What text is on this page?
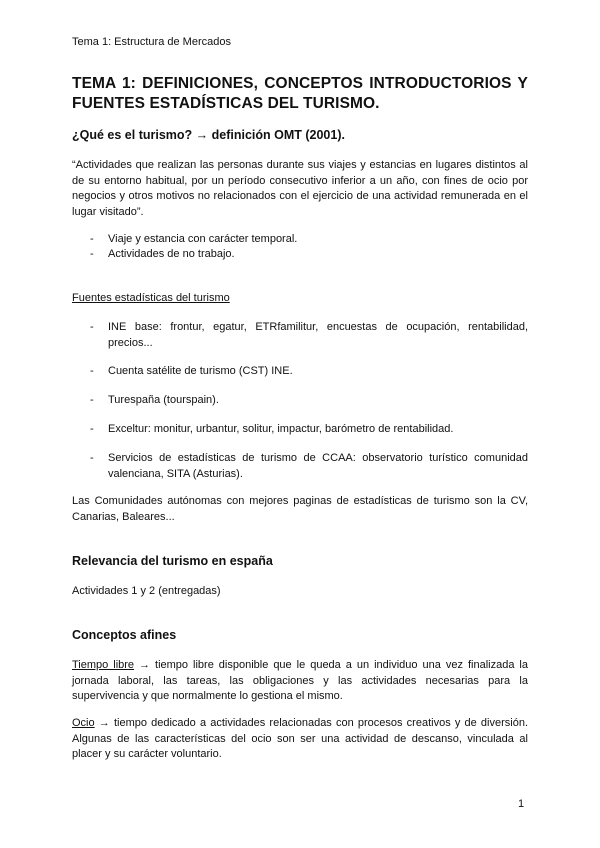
Tema 1: Estructura de Mercados
TEMA 1: DEFINICIONES, CONCEPTOS INTRODUCTORIOS Y FUENTES ESTADÍSTICAS DEL TURISMO.
¿Qué es el turismo? → definición OMT (2001).
“Actividades que realizan las personas durante sus viajes y estancias en lugares distintos al de su entorno habitual, por un período consecutivo inferior a un año, con fines de ocio por negocios y otros motivos no relacionados con el ejercicio de una actividad remunerada en el lugar visitado”.
- Viaje y estancia con carácter temporal.
- Actividades de no trabajo.
Fuentes estadísticas del turismo
- INE base: frontur, egatur, ETRfamilitur, encuestas de ocupación, rentabilidad, precios...
- Cuenta satélite de turismo (CST) INE.
- Turespaña (tourspain).
- Exceltur: monitur, urbantur, solitur, impactur, barómetro de rentabilidad.
- Servicios de estadísticas de turismo de CCAA: observatorio turístico comunidad valenciana, SITA (Asturias).
Las Comunidades autónomas con mejores paginas de estadísticas de turismo son la CV, Canarias, Baleares...
Relevancia del turismo en españa
Actividades 1 y 2 (entregadas)
Conceptos afines
Tiempo libre → tiempo libre disponible que le queda a un individuo una vez finalizada la jornada laboral, las tareas, las obligaciones y las actividades necesarias para la supervivencia y que normalmente lo gestiona el mismo.
Ocio → tiempo dedicado a actividades relacionadas con procesos creativos y de diversión. Algunas de las características del ocio son ser una actividad de descanso, vinculada al placer y su carácter voluntario.
1
